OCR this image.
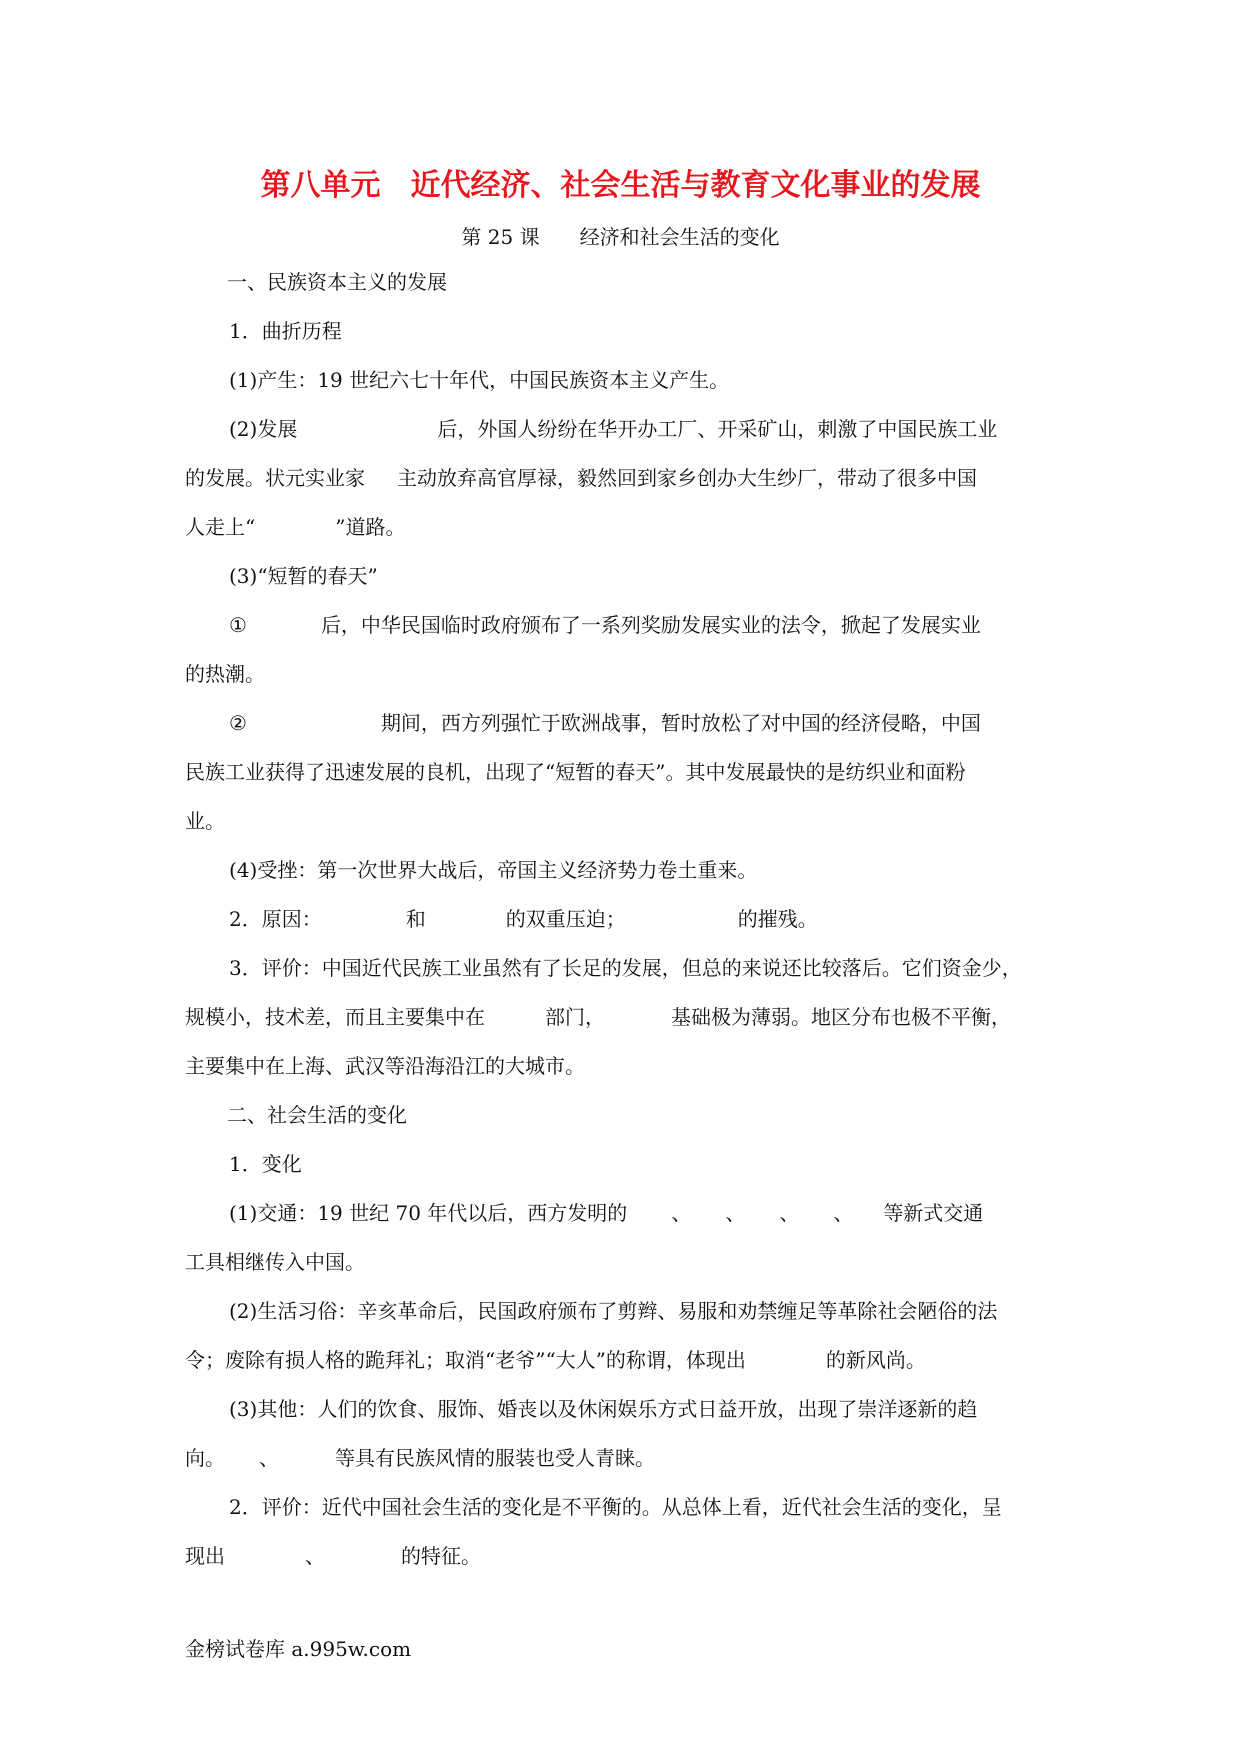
第八单元　近代经济、社会生活与教育文化事业的发展
第 25 课　　经济和社会生活的变化

一、民族资本主义的发展

1．曲折历程

(1)产生：19 世纪六七十年代，中国民族资本主义产生。

(2)发展	后，外国人纷纷在华开办工厂、开采矿山，刺激了中国民族工业

的发展。状元实业家 主动放弃高官厚禄，毅然回到家乡创办大生纱厂，带动了很多中国

人走上“	”道路。

(3)“短暂的春天”

①	后，中华民国临时政府颁布了一系列奖励发展实业的法令，掀起了发展实业

的热潮。

②	期间，西方列强忙于欧洲战事，暂时放松了对中国的经济侵略，中国

民族工业获得了迅速发展的良机，出现了“短暂的春天”。其中发展最快的是纺织业和面粉

业。

(4)受挫：第一次世界大战后，帝国主义经济势力卷土重来。

2．原因：	和	的双重压迫；	的摧残。

3．评价：中国近代民族工业虽然有了长足的发展，但总的来说还比较落后。它们资金少，

规模小，技术差，而且主要集中在	部门，	基础极为薄弱。地区分布也极不平衡，

主要集中在上海、武汉等沿海沿江的大城市。

二、社会生活的变化

1．变化

(1)交通：19 世纪 70 年代以后，西方发明的 、 、 、 、 等新式交通

工具相继传入中国。

(2)生活习俗：辛亥革命后，民国政府颁布了剪辫、易服和劝禁缠足等革除社会陋俗的法

令；废除有损人格的跪拜礼；取消“老爷”“大人”的称谓，体现出	的新风尚。

(3)其他：人们的饮食、服饰、婚丧以及休闲娱乐方式日益开放，出现了崇洋逐新的趋

向。 、	等具有民族风情的服装也受人青睐。

2．评价：近代中国社会生活的变化是不平衡的。从总体上看，近代社会生活的变化，呈

现出	、	的特征。

金榜试卷库 a.995w.com
